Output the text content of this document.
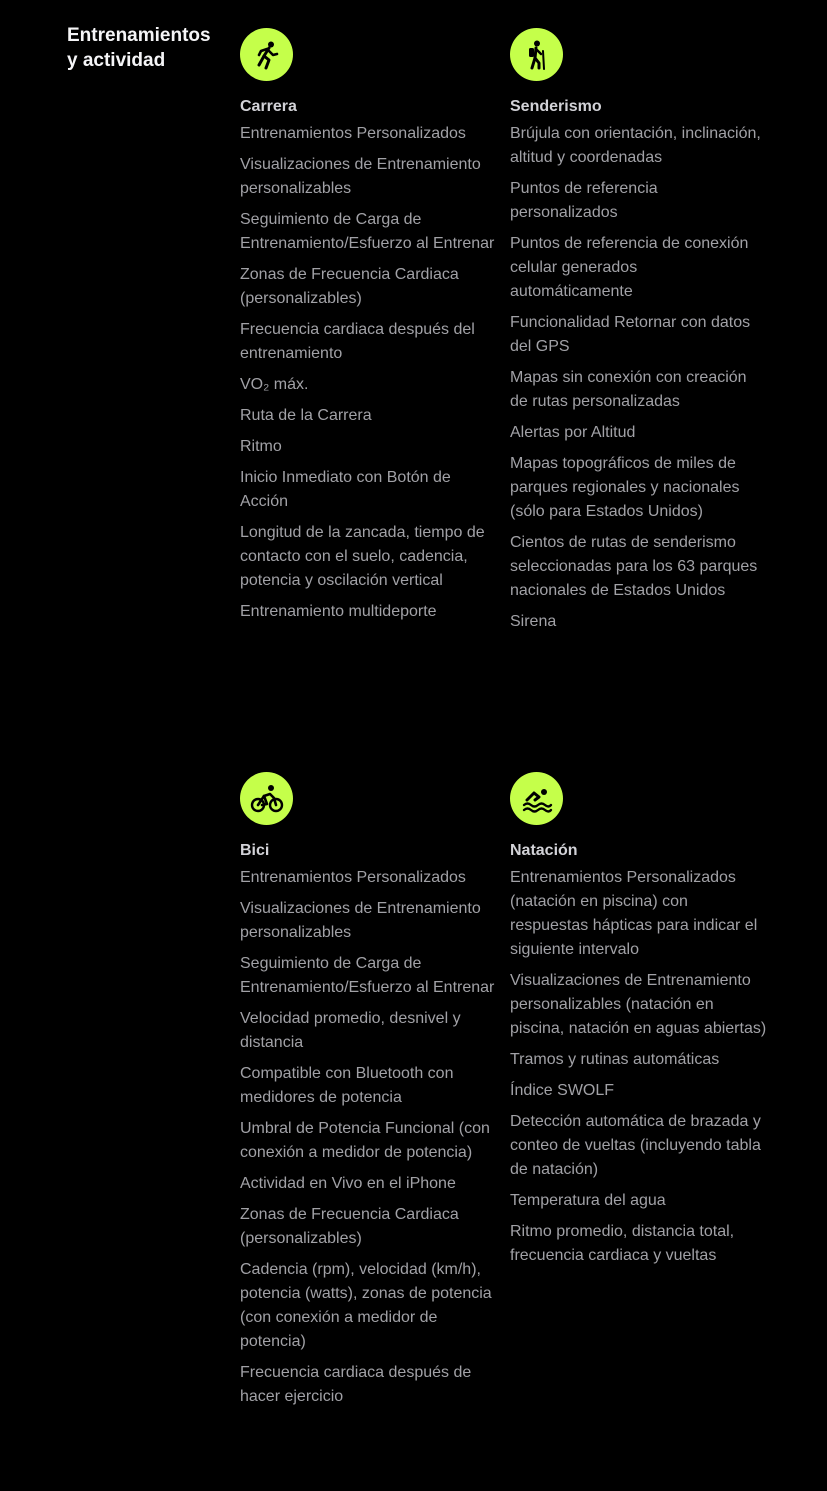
Entrenamientos
y actividad
Carrera
Entrenamientos Personalizados
Visualizaciones de Entrenamiento personalizables
Seguimiento de Carga de Entrenamiento/Esfuerzo al Entrenar
Zonas de Frecuencia Cardiaca (personalizables)
Frecuencia cardiaca después del entrenamiento
VO₂ máx.
Ruta de la Carrera
Ritmo
Inicio Inmediato con Botón de Acción
Longitud de la zancada, tiempo de contacto con el suelo, cadencia, potencia y oscilación vertical
Entrenamiento multideporte
Senderismo
Brújula con orientación, inclinación, altitud y coordenadas
Puntos de referencia personalizados
Puntos de referencia de conexión celular generados automáticamente
Funcionalidad Retornar con datos del GPS
Mapas sin conexión con creación de rutas personalizadas
Alertas por Altitud
Mapas topográficos de miles de parques regionales y nacionales (sólo para Estados Unidos)
Cientos de rutas de senderismo seleccionadas para los 63 parques nacionales de Estados Unidos
Sirena
Bici
Entrenamientos Personalizados
Visualizaciones de Entrenamiento personalizables
Seguimiento de Carga de Entrenamiento/Esfuerzo al Entrenar
Velocidad promedio, desnivel y distancia
Compatible con Bluetooth con medidores de potencia
Umbral de Potencia Funcional (con conexión a medidor de potencia)
Actividad en Vivo en el iPhone
Zonas de Frecuencia Cardiaca (personalizables)
Cadencia (rpm), velocidad (km/h), potencia (watts), zonas de potencia (con conexión a medidor de potencia)
Frecuencia cardiaca después de hacer ejercicio
Natación
Entrenamientos Personalizados (natación en piscina) con respuestas hápticas para indicar el siguiente intervalo
Visualizaciones de Entrenamiento personalizables (natación en piscina, natación en aguas abiertas)
Tramos y rutinas automáticas
Índice SWOLF
Detección automática de brazada y conteo de vueltas (incluyendo tabla de natación)
Temperatura del agua
Ritmo promedio, distancia total, frecuencia cardiaca y vueltas
